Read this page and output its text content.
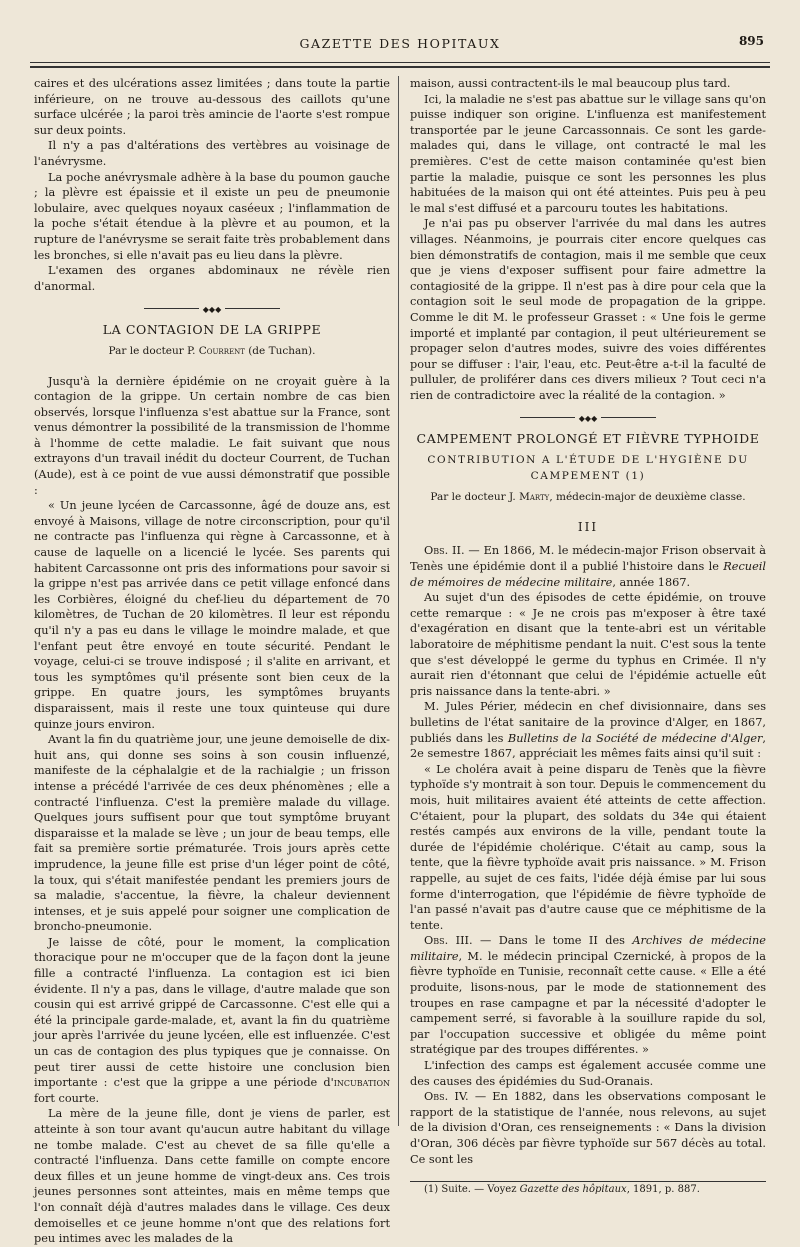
GAZETTE DES HOPITAUX	895

caires et des ulcérations assez limitées ; dans toute la partie inférieure, on ne trouve au-dessous des caillots qu'une surface ulcérée ; la paroi très amincie de l'aorte s'est rompue sur deux points.

Il n'y a pas d'altérations des vertèbres au voisinage de l'anévrysme.

La poche anévrysmale adhère à la base du poumon gauche ; la plèvre est épaissie et il existe un peu de pneumonie lobulaire, avec quelques noyaux caséeux ; l'inflammation de la poche s'était étendue à la plèvre et au poumon, et la rupture de l'anévrysme se serait faite très probablement dans les bronches, si elle n'avait pas eu lieu dans la plèvre.

L'examen des organes abdominaux ne révèle rien d'anormal.

◆◆◆
LA CONTAGION DE LA GRIPPE
Par le docteur P. Courrent (de Tuchan).

Jusqu'à la dernière épidémie on ne croyait guère à la contagion de la grippe. Un certain nombre de cas bien observés, lorsque l'influenza s'est abattue sur la France, sont venus démontrer la possibilité de la transmission de l'homme à l'homme de cette maladie. Le fait suivant que nous extrayons d'un travail inédit du docteur Courrent, de Tuchan (Aude), est à ce point de vue aussi démonstratif que possible :

« Un jeune lycéen de Carcassonne, âgé de douze ans, est envoyé à Maisons, village de notre circonscription, pour qu'il ne contracte pas l'influenza qui règne à Carcassonne, et à cause de laquelle on a licencié le lycée. Ses parents qui habitent Carcassonne ont pris des informations pour savoir si la grippe n'est pas arrivée dans ce petit village enfoncé dans les Corbières, éloigné du chef-lieu du département de 70 kilomètres, de Tuchan de 20 kilomètres. Il leur est répondu qu'il n'y a pas eu dans le village le moindre malade, et que l'enfant peut être envoyé en toute sécurité. Pendant le voyage, celui-ci se trouve indisposé ; il s'alite en arrivant, et tous les symptômes qu'il présente sont bien ceux de la grippe. En quatre jours, les symptômes bruyants disparaissent, mais il reste une toux quinteuse qui dure quinze jours environ.

Avant la fin du quatrième jour, une jeune demoiselle de dix-huit ans, qui donne ses soins à son cousin influenzé, manifeste de la céphalalgie et de la rachialgie ; un frisson intense a précédé l'arrivée de ces deux phénomènes ; elle a contracté l'influenza. C'est la première malade du village. Quelques jours suffisent pour que tout symptôme bruyant disparaisse et la malade se lève ; un jour de beau temps, elle fait sa première sortie prématurée. Trois jours après cette imprudence, la jeune fille est prise d'un léger point de côté, la toux, qui s'était manifestée pendant les premiers jours de sa maladie, s'accentue, la fièvre, la chaleur deviennent intenses, et je suis appelé pour soigner une complication de broncho-pneumonie.

Je laisse de côté, pour le moment, la complication thoracique pour ne m'occuper que de la façon dont la jeune fille a contracté l'influenza. La contagion est ici bien évidente. Il n'y a pas, dans le village, d'autre malade que son cousin qui est arrivé grippé de Carcassonne. C'est elle qui a été la principale garde-malade, et, avant la fin du quatrième jour après l'arrivée du jeune lycéen, elle est influenzée. C'est un cas de contagion des plus typiques que je connaisse. On peut tirer aussi de cette histoire une conclusion bien importante : c'est que la grippe a une période d'incubation fort courte.

La mère de la jeune fille, dont je viens de parler, est atteinte à son tour avant qu'aucun autre habitant du village ne tombe malade. C'est au chevet de sa fille qu'elle a contracté l'influenza. Dans cette famille on compte encore deux filles et un jeune homme de vingt-deux ans. Ces trois jeunes personnes sont atteintes, mais en même temps que l'on connaît déjà d'autres malades dans le village. Ces deux demoiselles et ce jeune homme n'ont que des relations fort peu intimes avec les malades de la

maison, aussi contractent-ils le mal beaucoup plus tard.

Ici, la maladie ne s'est pas abattue sur le village sans qu'on puisse indiquer son origine. L'influenza est manifestement transportée par le jeune Carcassonnais. Ce sont les garde-malades qui, dans le village, ont contracté le mal les premières. C'est de cette maison contaminée qu'est bien partie la maladie, puisque ce sont les personnes les plus habituées de la maison qui ont été atteintes. Puis peu à peu le mal s'est diffusé et a parcouru toutes les habitations.

Je n'ai pas pu observer l'arrivée du mal dans les autres villages. Néanmoins, je pourrais citer encore quelques cas bien démonstratifs de contagion, mais il me semble que ceux que je viens d'exposer suffisent pour faire admettre la contagiosité de la grippe. Il n'est pas à dire pour cela que la contagion soit le seul mode de propagation de la grippe. Comme le dit M. le professeur Grasset : « Une fois le germe importé et implanté par contagion, il peut ultérieurement se propager selon d'autres modes, suivre des voies différentes pour se diffuser : l'air, l'eau, etc. Peut-être a-t-il la faculté de pulluler, de proliférer dans ces divers milieux ? Tout ceci n'a rien de contradictoire avec la réalité de la contagion. »

◆◆◆
CAMPEMENT PROLONGÉ ET FIÈVRE TYPHOIDE
CONTRIBUTION A L'ÉTUDE DE L'HYGIÈNE DU CAMPEMENT (1)
Par le docteur J. Marty, médecin-major de deuxième classe.
III

Obs. II. — En 1866, M. le médecin-major Frison observait à Tenès une épidémie dont il a publié l'histoire dans le Recueil de mémoires de médecine militaire, année 1867.

Au sujet d'un des épisodes de cette épidémie, on trouve cette remarque : « Je ne crois pas m'exposer à être taxé d'exagération en disant que la tente-abri est un véritable laboratoire de méphitisme pendant la nuit. C'est sous la tente que s'est développé le germe du typhus en Crimée. Il n'y aurait rien d'étonnant que celui de l'épidémie actuelle eût pris naissance dans la tente-abri. »

M. Jules Périer, médecin en chef divisionnaire, dans ses bulletins de l'état sanitaire de la province d'Alger, en 1867, publiés dans les Bulletins de la Société de médecine d'Alger, 2e semestre 1867, appréciait les mêmes faits ainsi qu'il suit :

« Le choléra avait à peine disparu de Tenès que la fièvre typhoïde s'y montrait à son tour. Depuis le commencement du mois, huit militaires avaient été atteints de cette affection. C'étaient, pour la plupart, des soldats du 34e qui étaient restés campés aux environs de la ville, pendant toute la durée de l'épidémie cholérique. C'était au camp, sous la tente, que la fièvre typhoïde avait pris naissance. » M. Frison rappelle, au sujet de ces faits, l'idée déjà émise par lui sous forme d'interrogation, que l'épidémie de fièvre typhoïde de l'an passé n'avait pas d'autre cause que ce méphitisme de la tente.

Obs. III. — Dans le tome II des Archives de médecine militaire, M. le médecin principal Czernické, à propos de la fièvre typhoïde en Tunisie, reconnaît cette cause. « Elle a été produite, lisons-nous, par le mode de stationnement des troupes en rase campagne et par la nécessité d'adopter le campement serré, si favorable à la souillure rapide du sol, par l'occupation successive et obligée du même point stratégique par des troupes différentes. »

L'infection des camps est également accusée comme une des causes des épidémies du Sud-Oranais.

Obs. IV. — En 1882, dans les observations composant le rapport de la statistique de l'année, nous relevons, au sujet de la division d'Oran, ces renseignements : « Dans la division d'Oran, 306 décès par fièvre typhoïde sur 567 décès au total. Ce sont les

(1) Suite. — Voyez Gazette des hôpitaux, 1891, p. 887.
